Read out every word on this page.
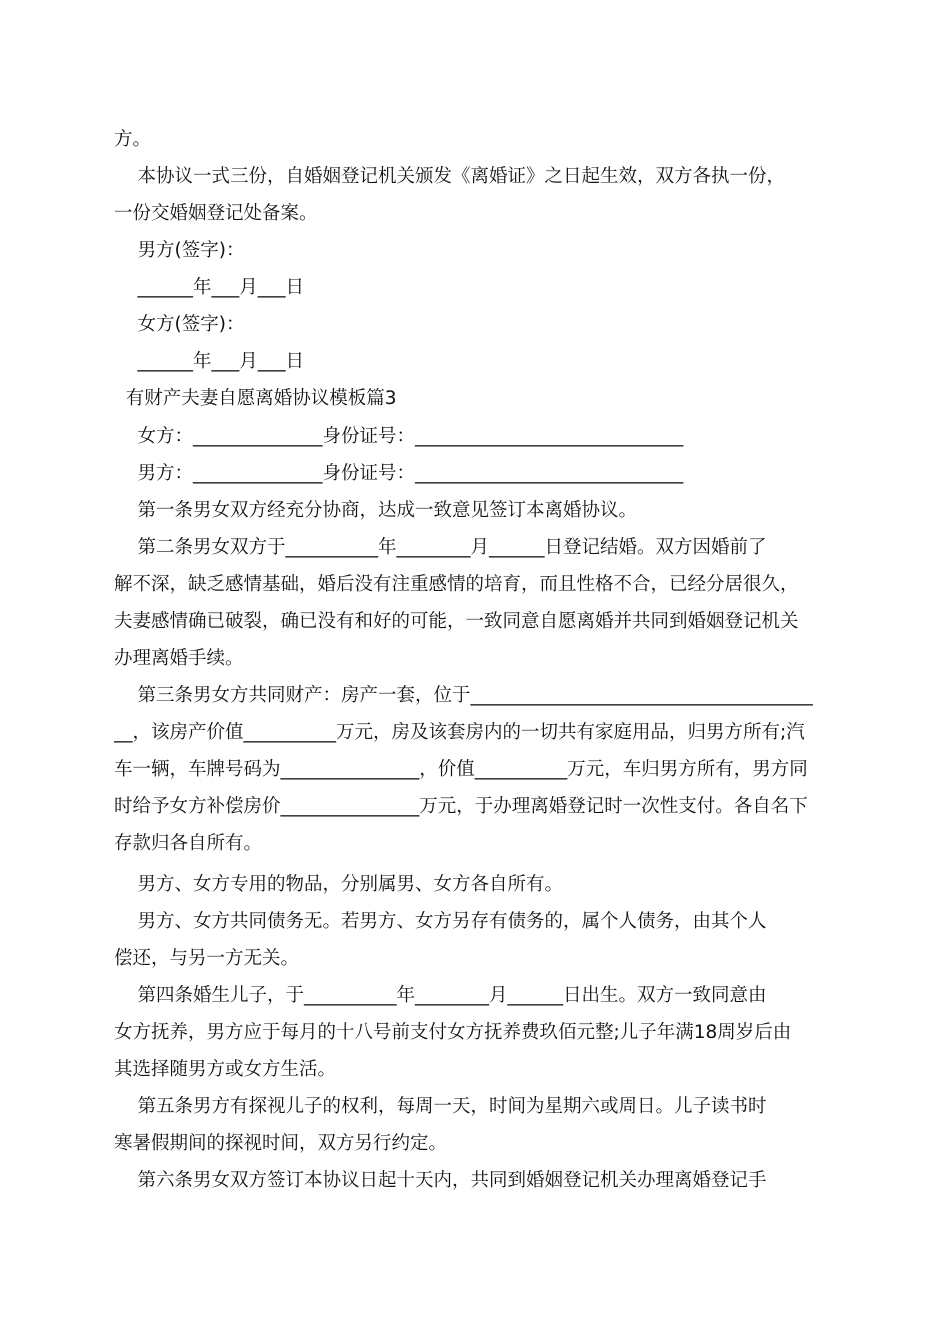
方。
本协议一式三份，自婚姻登记机关颁发《离婚证》之日起生效，双方各执一份，
一份交婚姻登记处备案。
男方(签字)：
______年___月___日
女方(签字)：
______年___月___日
有财产夫妻自愿离婚协议模板篇3
女方：______________身份证号：_____________________________
男方：______________身份证号：_____________________________
第一条男女双方经充分协商，达成一致意见签订本离婚协议。
第二条男女双方于__________年________月______日登记结婚。双方因婚前了
解不深，缺乏感情基础，婚后没有注重感情的培育，而且性格不合，已经分居很久，
夫妻感情确已破裂，确已没有和好的可能，一致同意自愿离婚并共同到婚姻登记机关
办理离婚手续。
第三条男女方共同财产：房产一套，位于_____________________________________
__，该房产价值__________万元，房及该套房内的一切共有家庭用品，归男方所有;汽
车一辆，车牌号码为_______________，价值__________万元，车归男方所有，男方同
时给予女方补偿房价_______________万元，于办理离婚登记时一次性支付。各自名下
存款归各自所有。
男方、女方专用的物品，分别属男、女方各自所有。
男方、女方共同债务无。若男方、女方另存有债务的，属个人债务，由其个人
偿还，与另一方无关。
第四条婚生儿子，于__________年________月______日出生。双方一致同意由
女方抚养，男方应于每月的十八号前支付女方抚养费玖佰元整;儿子年满18周岁后由
其选择随男方或女方生活。
第五条男方有探视儿子的权利，每周一天，时间为星期六或周日。儿子读书时
寒暑假期间的探视时间，双方另行约定。
第六条男女双方签订本协议日起十天内，共同到婚姻登记机关办理离婚登记手
